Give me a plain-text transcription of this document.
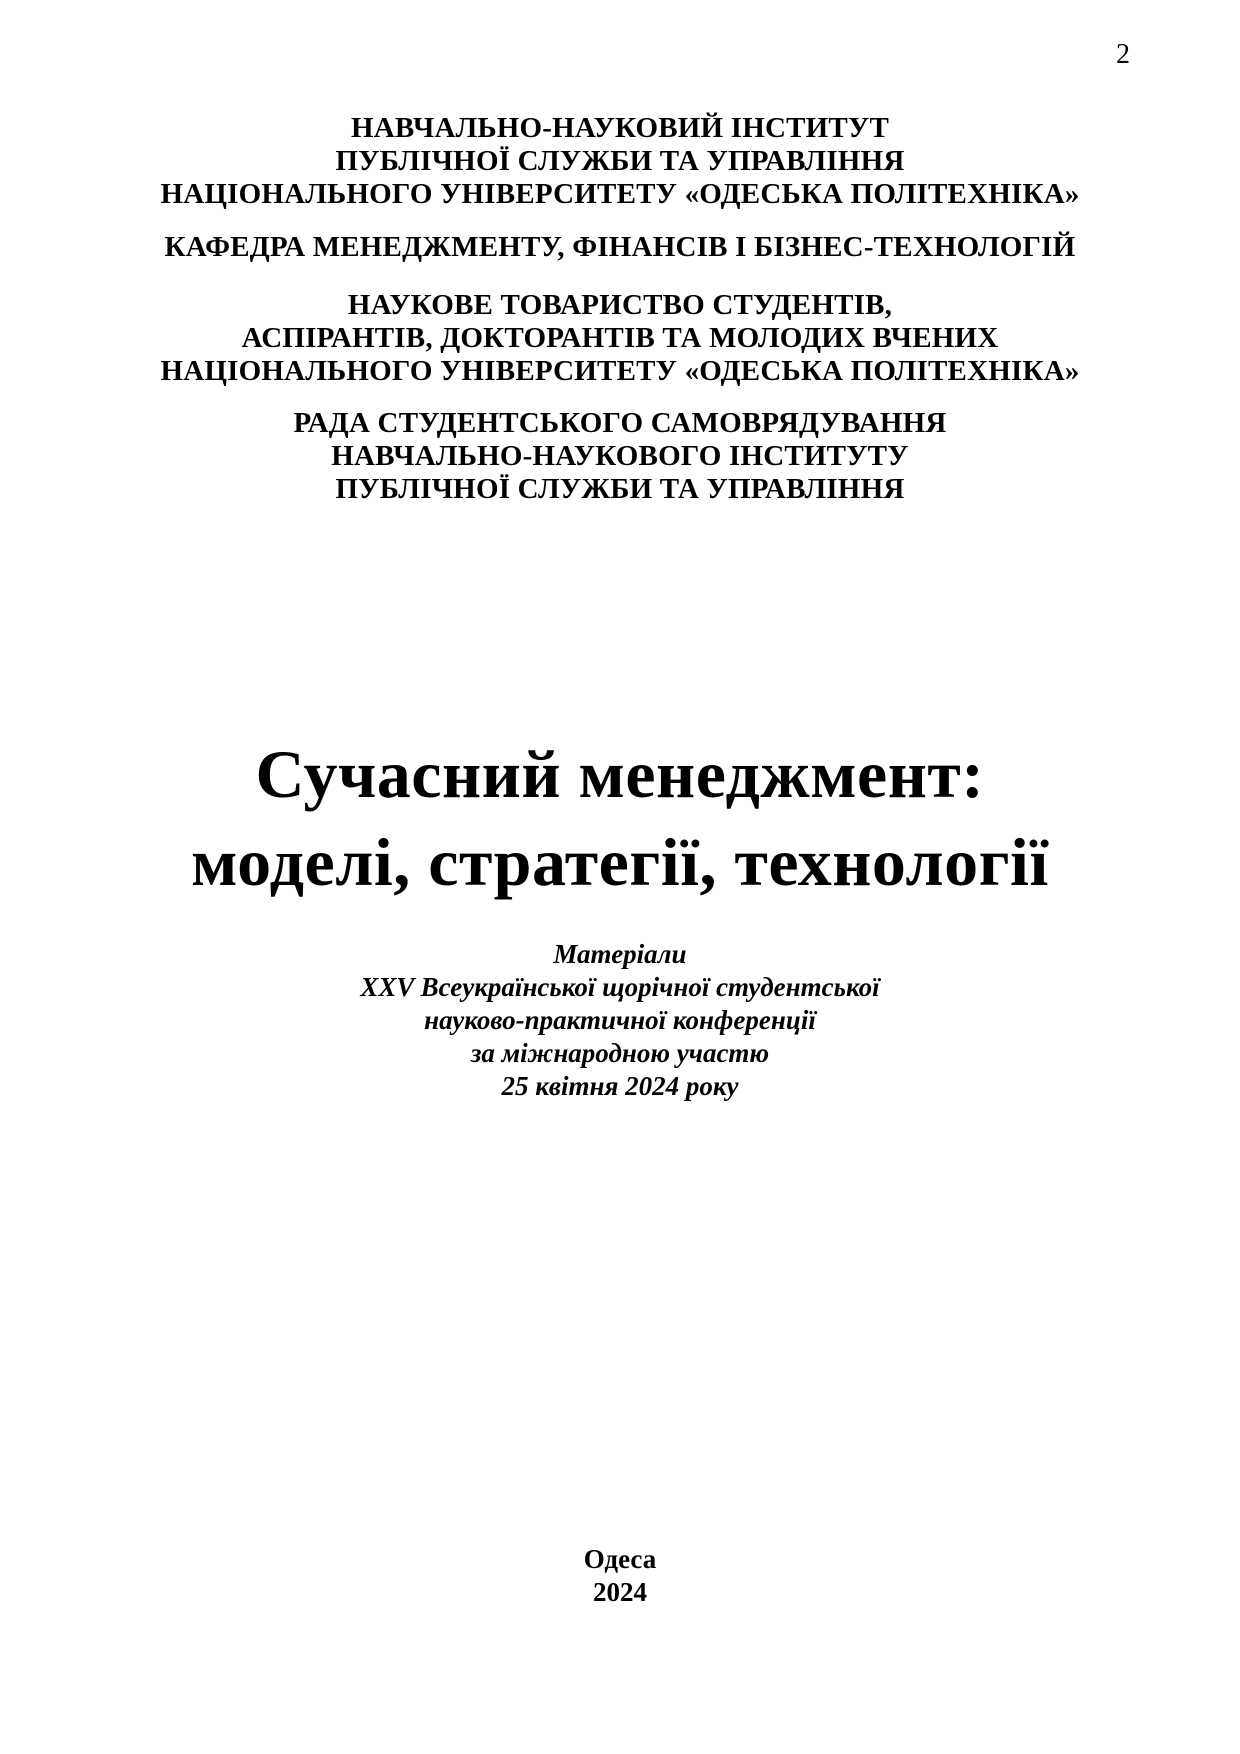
2
НАВЧАЛЬНО-НАУКОВИЙ ІНСТИТУТ
ПУБЛІЧНОЇ СЛУЖБИ ТА УПРАВЛІННЯ
НАЦІОНАЛЬНОГО УНІВЕРСИТЕТУ «ОДЕСЬКА ПОЛІТЕХНІКА»
КАФЕДРА МЕНЕДЖМЕНТУ, ФІНАНСІВ І БІЗНЕС-ТЕХНОЛОГІЙ
НАУКОВЕ ТОВАРИСТВО СТУДЕНТІВ,
АСПІРАНТІВ, ДОКТОРАНТІВ ТА МОЛОДИХ ВЧЕНИХ
НАЦІОНАЛЬНОГО УНІВЕРСИТЕТУ «ОДЕСЬКА ПОЛІТЕХНІКА»
РАДА СТУДЕНТСЬКОГО САМОВРЯДУВАННЯ
НАВЧАЛЬНО-НАУКОВОГО ІНСТИТУТУ
ПУБЛІЧНОЇ СЛУЖБИ ТА УПРАВЛІННЯ
Сучасний менеджмент:
моделі, стратегії, технології
Матеріали
XXV Всеукраїнської щорічної студентської
науково-практичної конференції
за міжнародною участю
25 квітня 2024 року
Одеса
2024
